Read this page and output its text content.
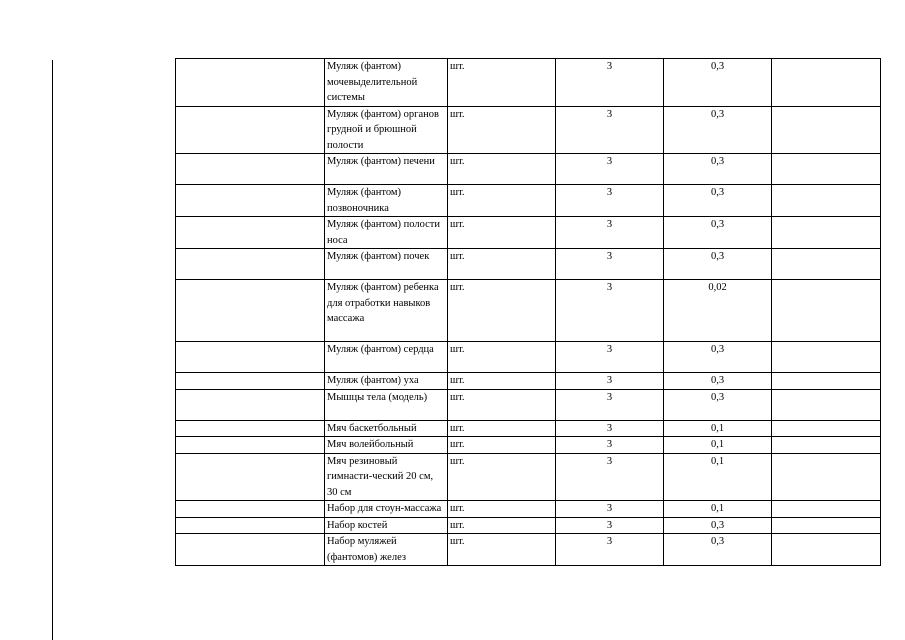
	Муляж (фантом) мочевыделительной системы	шт.	3	0,3	
	Муляж (фантом) органов грудной и брюшной полости	шт.	3	0,3	
	Муляж (фантом) печени	шт.	3	0,3	
	Муляж (фантом) позвоночника	шт.	3	0,3	
	Муляж (фантом) полости носа	шт.	3	0,3	
	Муляж (фантом) почек	шт.	3	0,3	
	Муляж (фантом) ребенка для отработки навыков массажа	шт.	3	0,02	
	Муляж (фантом) сердца	шт.	3	0,3	
	Муляж (фантом) уха	шт.	3	0,3	
	Мышцы тела (модель)	шт.	3	0,3	
	Мяч баскетбольный	шт.	3	0,1	
	Мяч волейбольный	шт.	3	0,1	
	Мяч резиновый гимнасти-ческий 20 см, 30 см	шт.	3	0,1	
	Набор для стоун-массажа	шт.	3	0,1	
	Набор костей	шт.	3	0,3	
	Набор муляжей (фантомов) желез	шт.	3	0,3	
